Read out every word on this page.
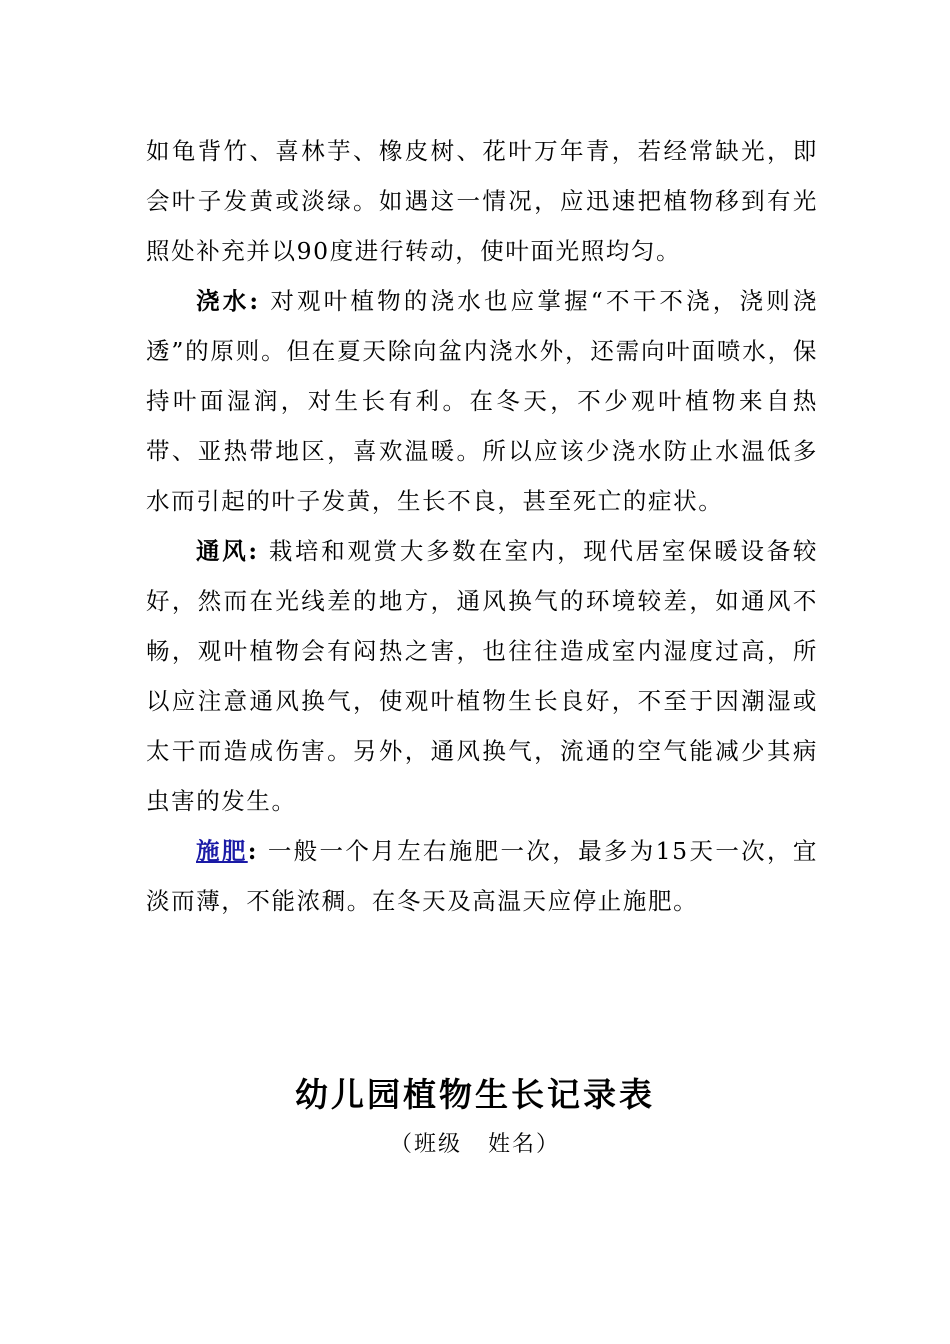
如龟背竹、喜林芋、橡皮树、花叶万年青，若经常缺光，即会叶子发黄或淡绿。如遇这一情况，应迅速把植物移到有光照处补充并以90度进行转动，使叶面光照均匀。

浇水: 对观叶植物的浇水也应掌握“不干不浇，浇则浇透”的原则。但在夏天除向盆内浇水外，还需向叶面喷水，保持叶面湿润，对生长有利。在冬天，不少观叶植物来自热带、亚热带地区，喜欢温暖。所以应该少浇水防止水温低多水而引起的叶子发黄，生长不良，甚至死亡的症状。

通风: 栽培和观赏大多数在室内，现代居室保暖设备较好，然而在光线差的地方，通风换气的环境较差，如通风不畅，观叶植物会有闷热之害，也往往造成室内湿度过高，所以应注意通风换气，使观叶植物生长良好，不至于因潮湿或太干而造成伤害。另外，通风换气，流通的空气能减少其病虫害的发生。

施肥: 一般一个月左右施肥一次，最多为15天一次，宜淡而薄，不能浓稠。在冬天及高温天应停止施肥。

幼儿园植物生长记录表
（班级 姓名）
